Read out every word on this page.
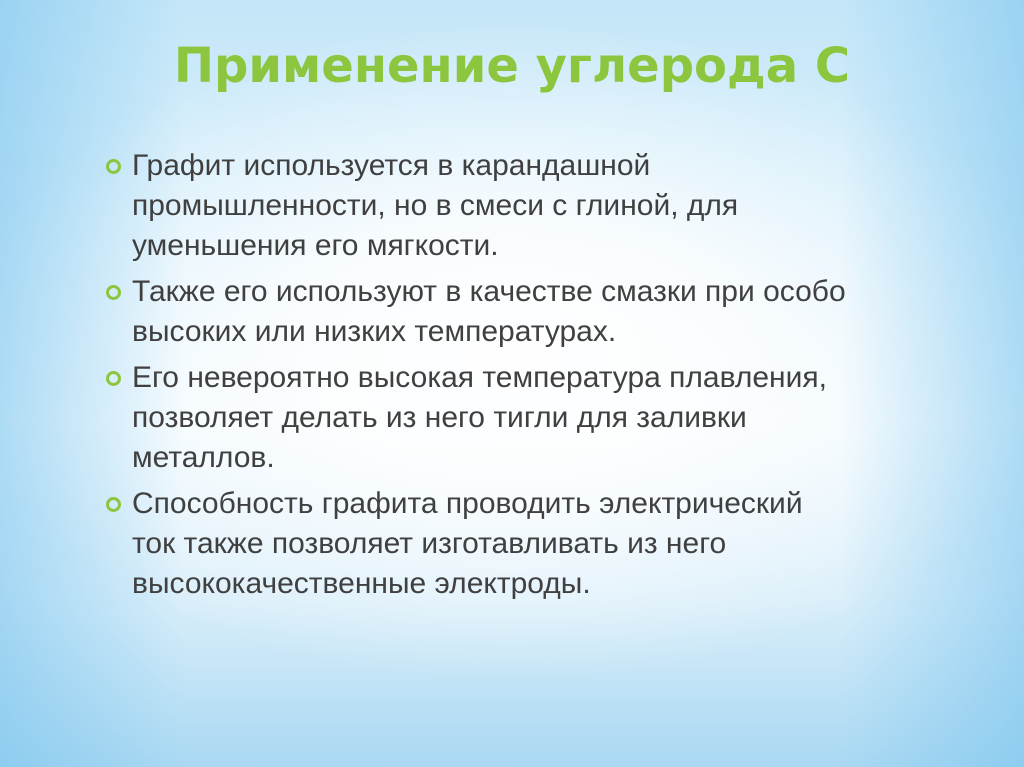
Применение углерода С
Графит используется в карандашной
промышленности, но в смеси с глиной, для
уменьшения его мягкости.
Также его используют в качестве смазки при особо
высоких или низких температурах.
Его невероятно высокая температура плавления,
позволяет делать из него тигли для заливки
металлов.
Способность графита проводить электрический
ток также позволяет изготавливать из него
высококачественные электроды.
